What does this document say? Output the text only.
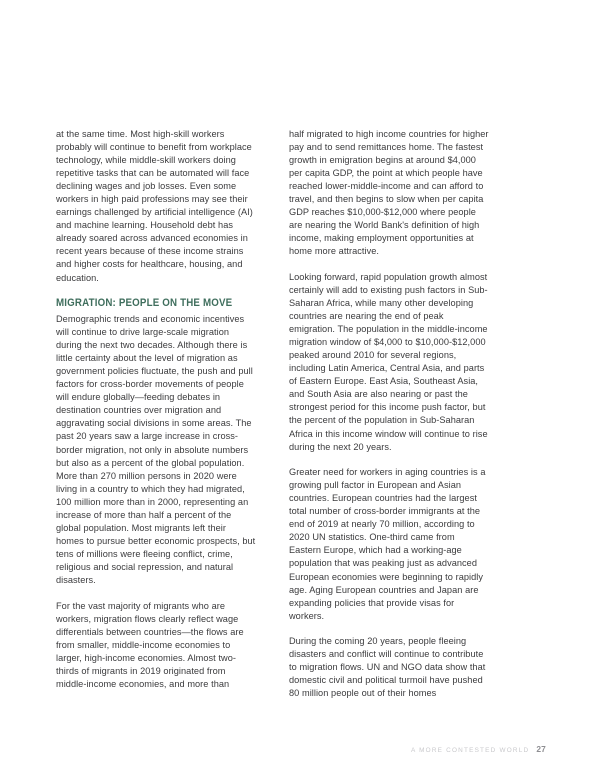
at the same time. Most high-skill workers probably will continue to benefit from workplace technology, while middle-skill workers doing repetitive tasks that can be automated will face declining wages and job losses. Even some workers in high paid professions may see their earnings challenged by artificial intelligence (AI) and machine learning. Household debt has already soared across advanced economies in recent years because of these income strains and higher costs for healthcare, housing, and education.

MIGRATION: PEOPLE ON THE MOVE

Demographic trends and economic incentives will continue to drive large-scale migration during the next two decades. Although there is little certainty about the level of migration as government policies fluctuate, the push and pull factors for cross-border movements of people will endure globally—feeding debates in destination countries over migration and aggravating social divisions in some areas. The past 20 years saw a large increase in cross-border migration, not only in absolute numbers but also as a percent of the global population. More than 270 million persons in 2020 were living in a country to which they had migrated, 100 million more than in 2000, representing an increase of more than half a percent of the global population. Most migrants left their homes to pursue better economic prospects, but tens of millions were fleeing conflict, crime, religious and social repression, and natural disasters.

For the vast majority of migrants who are workers, migration flows clearly reflect wage differentials between countries—the flows are from smaller, middle-income economies to larger, high-income economies. Almost two-thirds of migrants in 2019 originated from middle-income economies, and more than

half migrated to high income countries for higher pay and to send remittances home. The fastest growth in emigration begins at around $4,000 per capita GDP, the point at which people have reached lower-middle-income and can afford to travel, and then begins to slow when per capita GDP reaches $10,000-$12,000 where people are nearing the World Bank's definition of high income, making employment opportunities at home more attractive.

Looking forward, rapid population growth almost certainly will add to existing push factors in Sub-Saharan Africa, while many other developing countries are nearing the end of peak emigration. The population in the middle-income migration window of $4,000 to $10,000-$12,000 peaked around 2010 for several regions, including Latin America, Central Asia, and parts of Eastern Europe. East Asia, Southeast Asia, and South Asia are also nearing or past the strongest period for this income push factor, but the percent of the population in Sub-Saharan Africa in this income window will continue to rise during the next 20 years.

Greater need for workers in aging countries is a growing pull factor in European and Asian countries. European countries had the largest total number of cross-border immigrants at the end of 2019 at nearly 70 million, according to 2020 UN statistics. One-third came from Eastern Europe, which had a working-age population that was peaking just as advanced European economies were beginning to rapidly age. Aging European countries and Japan are expanding policies that provide visas for workers.

During the coming 20 years, people fleeing disasters and conflict will continue to contribute to migration flows. UN and NGO data show that domestic civil and political turmoil have pushed 80 million people out of their homes

A MORE CONTESTED WORLD 27
